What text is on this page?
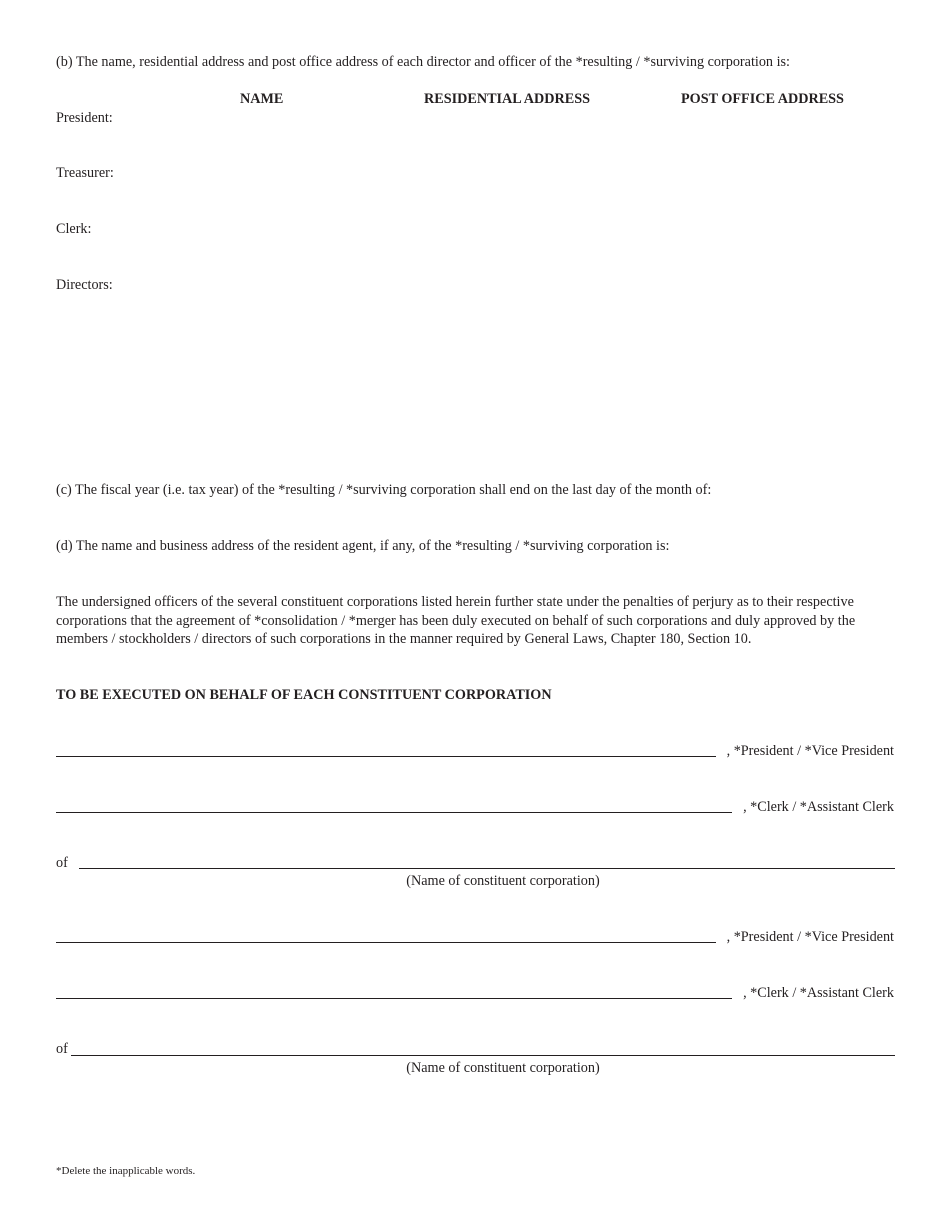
(b) The name, residential address and post office address of each director and officer of the *resulting / *surviving corporation is:
NAME	RESIDENTIAL ADDRESS	POST OFFICE ADDRESS
President:
Treasurer:
Clerk:
Directors:
(c) The fiscal year (i.e. tax year) of the *resulting / *surviving corporation shall end on the last day of the month of:
(d) The name and business address of the resident agent, if any, of the *resulting / *surviving corporation is:
The undersigned officers of the several constituent corporations listed herein further state under the penalties of perjury as to their respective corporations that the agreement of *consolidation / *merger has been duly executed on behalf of such corporations and duly approved by the members / stockholders / directors of such corporations in the manner required by General Laws, Chapter 180, Section 10.
TO BE EXECUTED ON BEHALF OF EACH CONSTITUENT CORPORATION
, *President / *Vice President
, *Clerk / *Assistant Clerk
of
(Name of constituent corporation)
, *President / *Vice President
, *Clerk / *Assistant Clerk
of
(Name of constituent corporation)
*Delete the inapplicable words.
